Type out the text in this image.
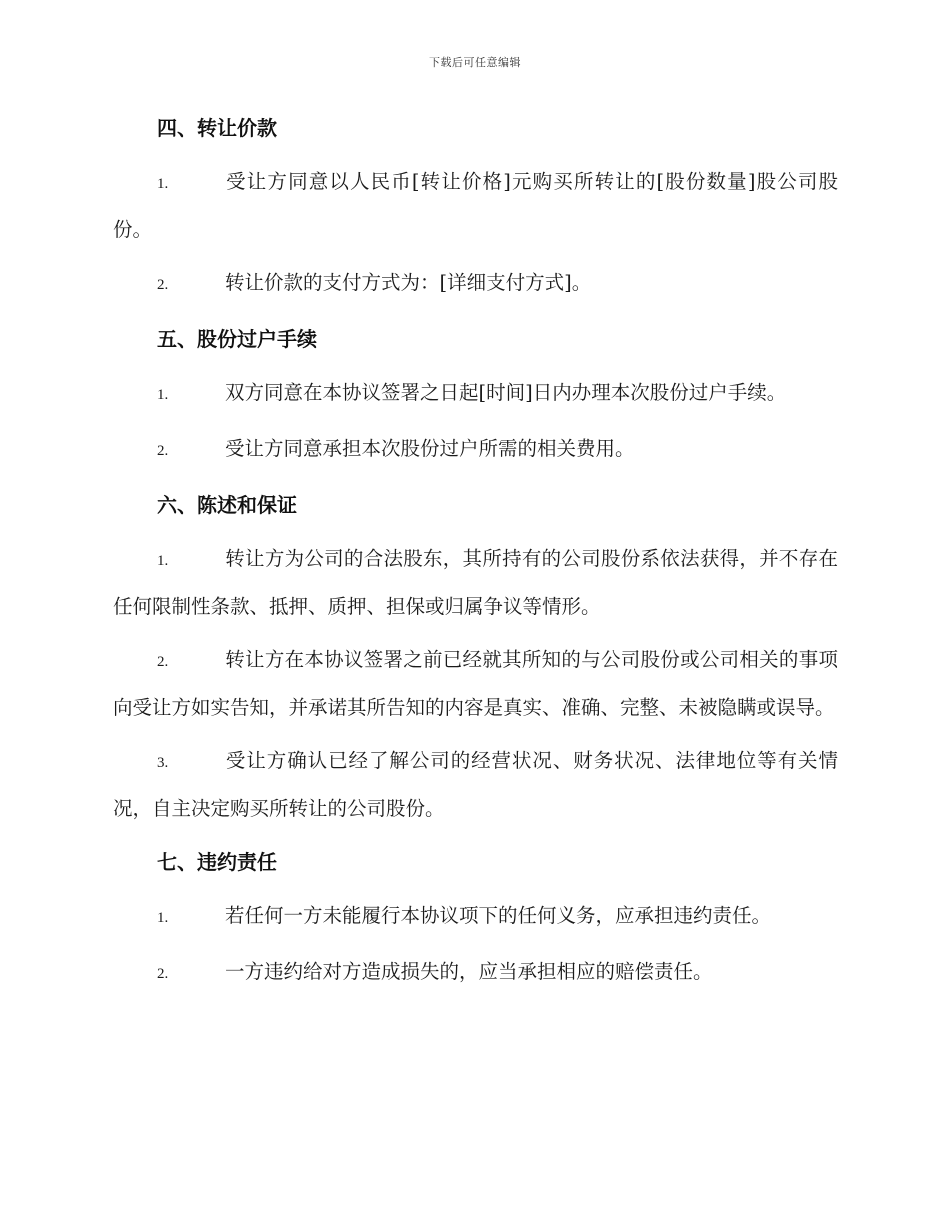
下载后可任意编辑
四、转让价款

1.	受让方同意以人民币[转让价格]元购买所转让的[股份数量]股公司股份。

2.	转让价款的支付方式为：[详细支付方式]。

五、股份过户手续

1.	双方同意在本协议签署之日起[时间]日内办理本次股份过户手续。

2.	受让方同意承担本次股份过户所需的相关费用。

六、陈述和保证

1.	转让方为公司的合法股东，其所持有的公司股份系依法获得，并不存在任何限制性条款、抵押、质押、担保或归属争议等情形。

2.	转让方在本协议签署之前已经就其所知的与公司股份或公司相关的事项向受让方如实告知，并承诺其所告知的内容是真实、准确、完整、未被隐瞒或误导。

3.	受让方确认已经了解公司的经营状况、财务状况、法律地位等有关情况，自主决定购买所转让的公司股份。

七、违约责任

1.	若任何一方未能履行本协议项下的任何义务，应承担违约责任。

2.	一方违约给对方造成损失的，应当承担相应的赔偿责任。
